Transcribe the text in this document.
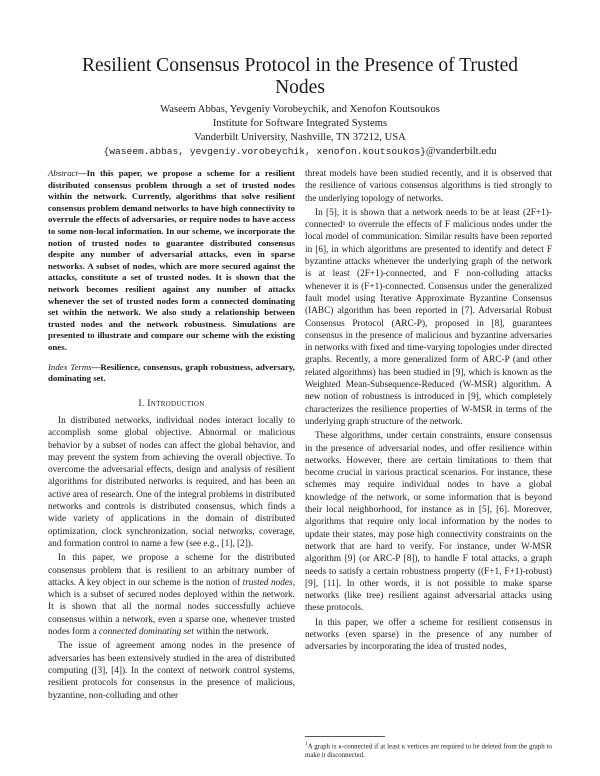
Resilient Consensus Protocol in the Presence of Trusted Nodes
Waseem Abbas, Yevgeniy Vorobeychik, and Xenofon Koutsoukos
Institute for Software Integrated Systems
Vanderbilt University, Nashville, TN 37212, USA
{waseem.abbas, yevgeniy.vorobeychik, xenofon.koutsoukos}@vanderbilt.edu
Abstract—In this paper, we propose a scheme for a resilient distributed consensus problem through a set of trusted nodes within the network. Currently, algorithms that solve resilient consensus problem demand networks to have high connectivity to overrule the effects of adversaries, or require nodes to have access to some non-local information. In our scheme, we incorporate the notion of trusted nodes to guarantee distributed consensus despite any number of adversarial attacks, even in sparse networks. A subset of nodes, which are more secured against the attacks, constitute a set of trusted nodes. It is shown that the network becomes resilient against any number of attacks whenever the set of trusted nodes form a connected dominating set within the network. We also study a relationship between trusted nodes and the network robustness. Simulations are presented to illustrate and compare our scheme with the existing ones.
Index Terms—Resilience, consensus, graph robustness, adversary, dominating set.
I. Introduction

In distributed networks, individual nodes interact locally to accomplish some global objective. Abnormal or malicious behavior by a subset of nodes can affect the global behavior, and may prevent the system from achieving the overall objective. To overcome the adversarial effects, design and analysis of resilient algorithms for distributed networks is required, and has been an active area of research. One of the integral problems in distributed networks and controls is distributed consensus, which finds a wide variety of applications in the domain of distributed optimization, clock synchronization, social networks, coverage, and formation control to name a few (see e.g., [1], [2]).

In this paper, we propose a scheme for the distributed consensus problem that is resilient to an arbitrary number of attacks. A key object in our scheme is the notion of trusted nodes, which is a subset of secured nodes deployed within the network. It is shown that all the normal nodes successfully achieve consensus within a network, even a sparse one, whenever trusted nodes form a connected dominating set within the network.

The issue of agreement among nodes in the presence of adversaries has been extensively studied in the area of distributed computing ([3], [4]). In the context of network control systems, resilient protocols for consensus in the presence of malicious, byzantine, non-colluding and other

threat models have been studied recently, and it is observed that the resilience of various consensus algorithms is tied strongly to the underlying topology of networks.

In [5], it is shown that a network needs to be at least (2F+1)-connected¹ to overrule the effects of F malicious nodes under the local model of communication. Similar results have been reported in [6], in which algorithms are presented to identify and detect F byzantine attacks whenever the underlying graph of the network is at least (2F+1)-connected, and F non-colluding attacks whenever it is (F+1)-connected. Consensus under the generalized fault model using Iterative Approximate Byzantine Consensus (IABC) algorithm has been reported in [7]. Adversarial Robust Consensus Protocol (ARC-P), proposed in [8], guarantees consensus in the presence of malicious and byzantine adversaries in networks with fixed and time-varying topologies under directed graphs. Recently, a more generalized form of ARC-P (and other related algorithms) has been studied in [9], which is known as the Weighted Mean-Subsequence-Reduced (W-MSR) algorithm. A new notion of robustness is introduced in [9], which completely characterizes the resilience properties of W-MSR in terms of the underlying graph structure of the network.

These algorithms, under certain constraints, ensure consensus in the presence of adversarial nodes, and offer resilience within networks. However, there are certain limitations to them that become crucial in various practical scenarios. For instance, these schemes may require individual nodes to have a global knowledge of the network, or some information that is beyond their local neighborhood, for instance as in [5], [6]. Moreover, algorithms that require only local information by the nodes to update their states, may pose high connectivity constraints on the network that are hard to verify. For instance, under W-MSR algorithm [9] (or ARC-P [8]), to handle F total attacks, a graph needs to satisfy a certain robustness property ((F+1, F+1)-robust)[9], [11]. In other words, it is not possible to make sparse networks (like tree) resilient against adversarial attacks using these protocols.

In this paper, we offer a scheme for resilient consensus in networks (even sparse) in the presence of any number of adversaries by incorporating the idea of trusted nodes,

$^1$A graph is κ-connected if at least κ vertices are required to be deleted from the graph to make it disconnected.
